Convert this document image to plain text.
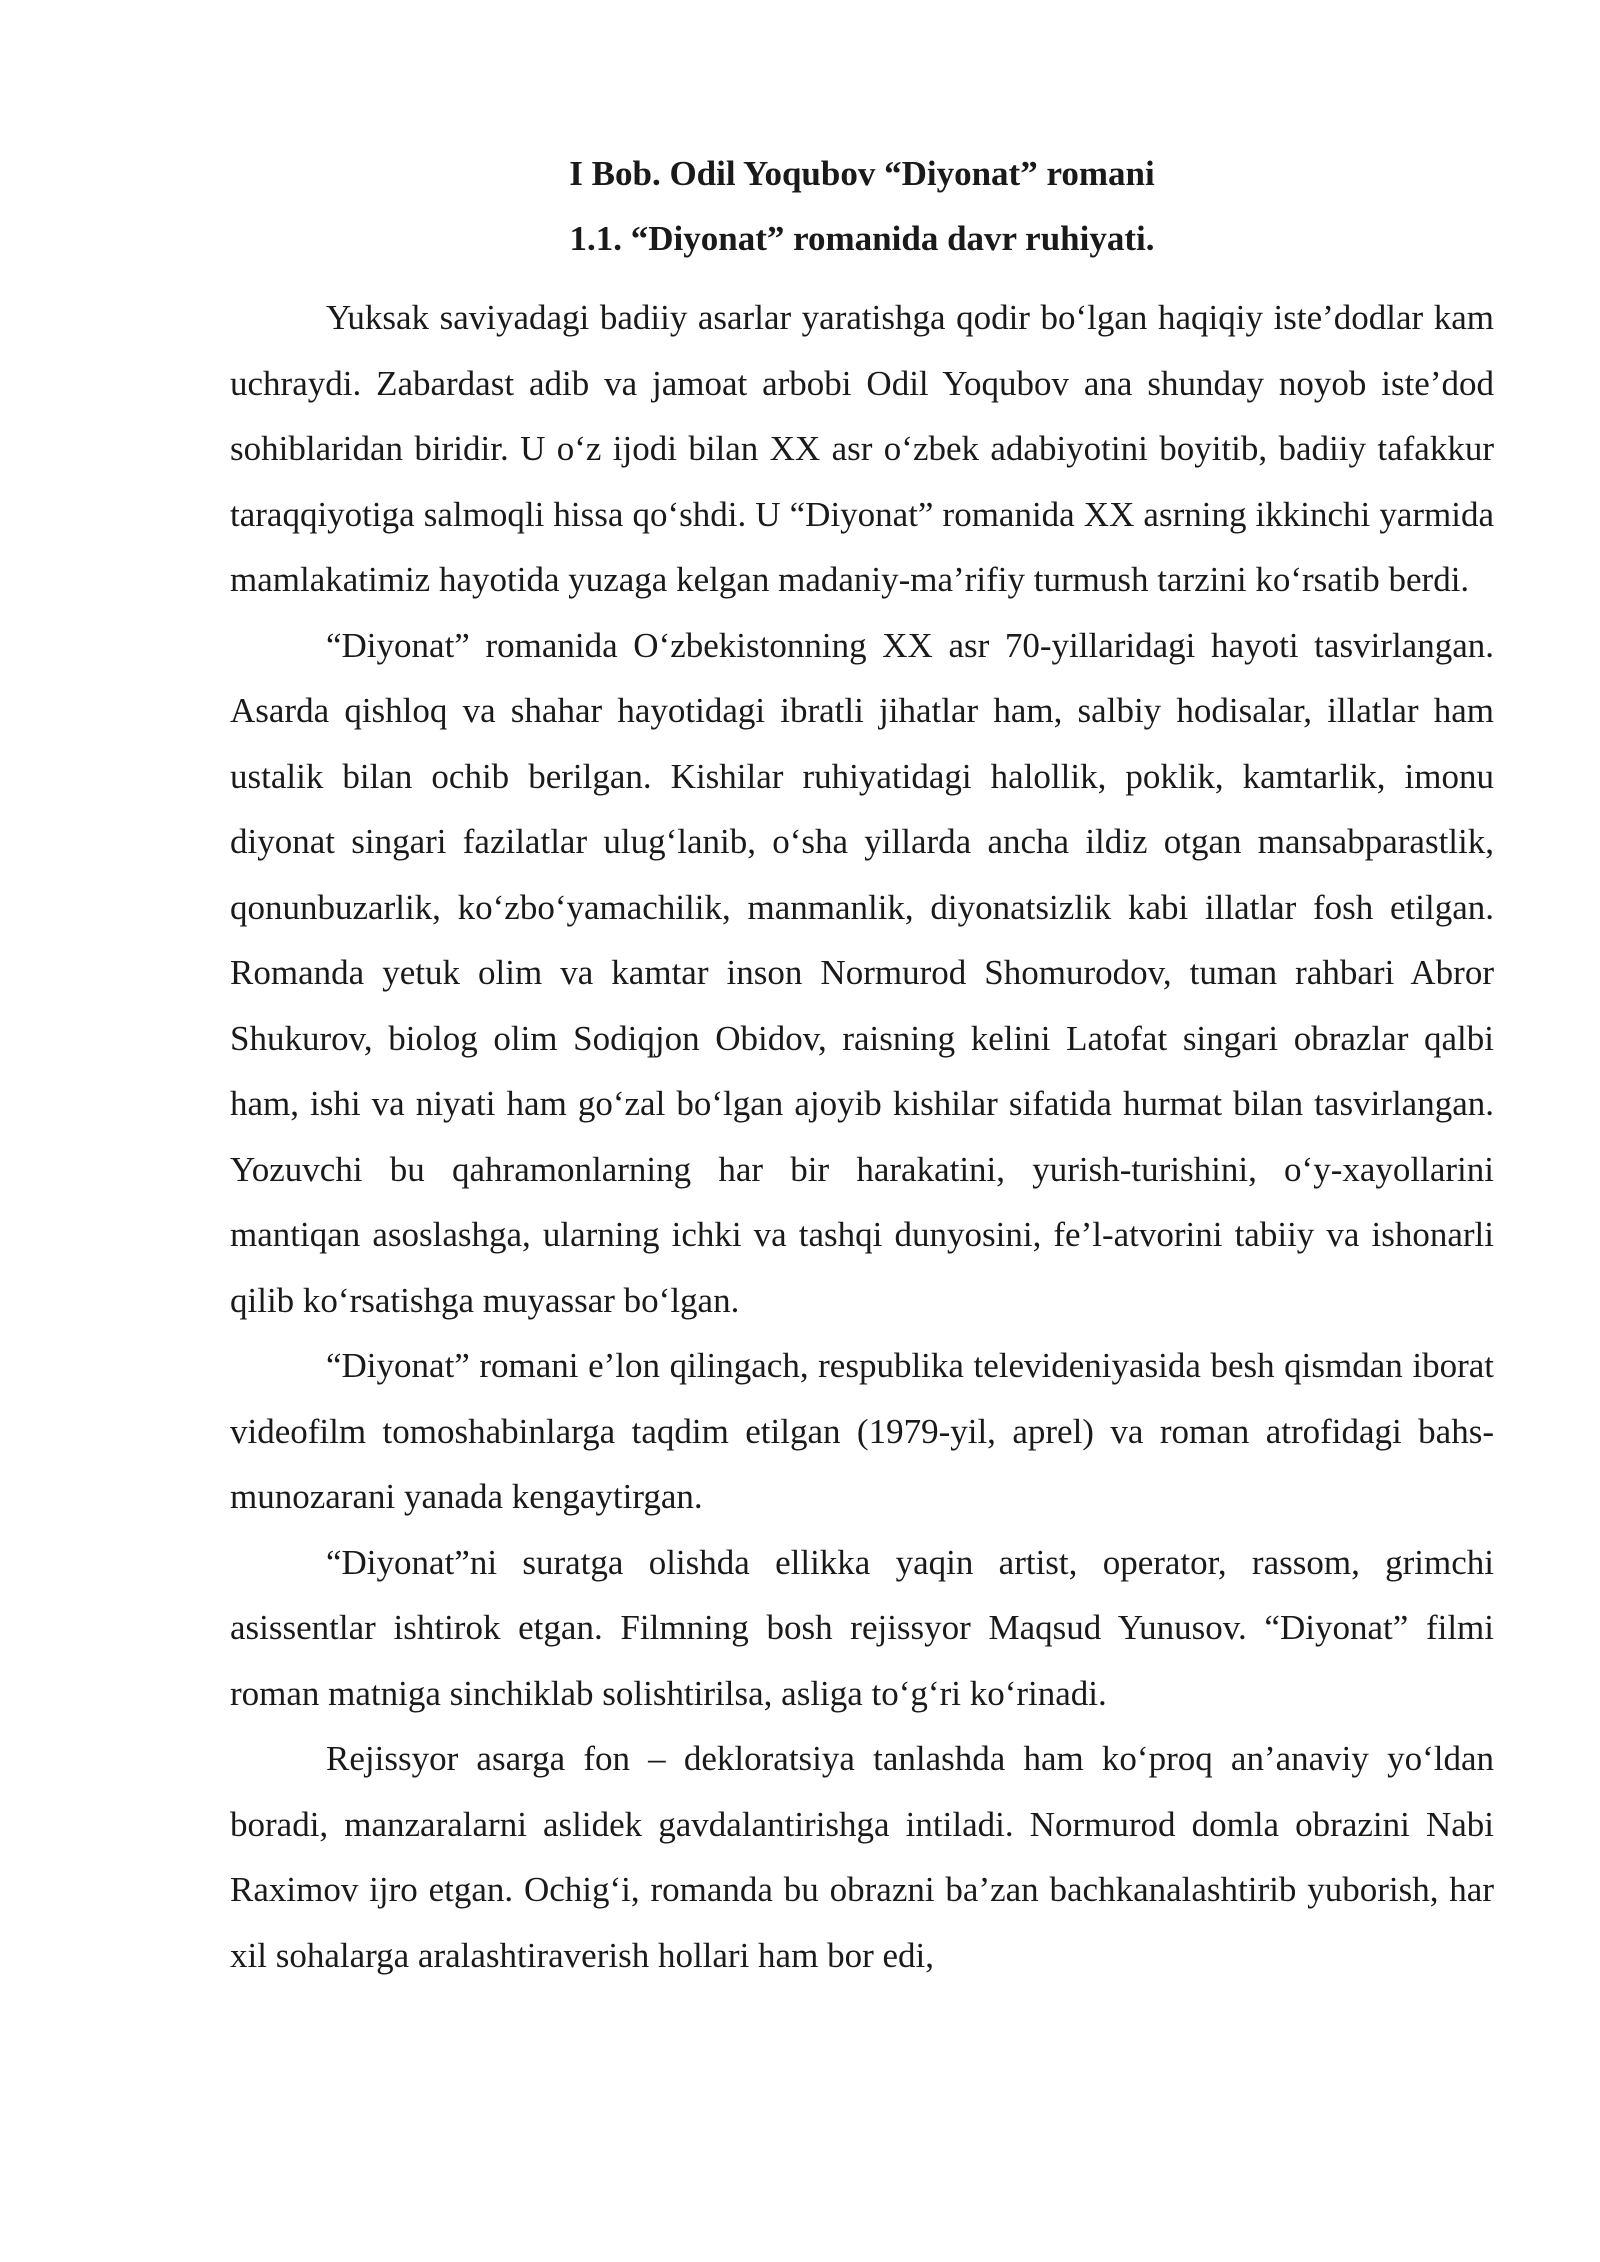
I Bob. Odil Yoqubov “Diyonat” romani
1.1. “Diyonat” romanida davr ruhiyati.

Yuksak saviyadagi badiiy asarlar yaratishga qodir bo‘lgan haqiqiy iste’dodlar kam uchraydi. Zabardast adib va jamoat arbobi Odil Yoqubov ana shunday noyob iste’dod sohiblaridan biridir. U o‘z ijodi bilan XX asr o‘zbek adabiyotini boyitib, badiiy tafakkur taraqqiyotiga salmoqli hissa qo‘shdi. U “Diyonat” romanida XX asrning ikkinchi yarmida mamlakatimiz hayotida yuzaga kelgan madaniy-ma’rifiy turmush tarzini ko‘rsatib berdi.

“Diyonat” romanida O‘zbekistonning XX asr 70-yillaridagi hayoti tasvirlangan. Asarda qishloq va shahar hayotidagi ibratli jihatlar ham, salbiy hodisalar, illatlar ham ustalik bilan ochib berilgan. Kishilar ruhiyatidagi halollik, poklik, kamtarlik, imonu diyonat singari fazilatlar ulug‘lanib, o‘sha yillarda ancha ildiz otgan mansabparastlik, qonunbuzarlik, ko‘zbo‘yamachilik, manmanlik, diyonatsizlik kabi illatlar fosh etilgan. Romanda yetuk olim va kamtar inson Normurod Shomurodov, tuman rahbari Abror Shukurov, biolog olim Sodiqjon Obidov, raisning kelini Latofat singari obrazlar qalbi ham, ishi va niyati ham go‘zal bo‘lgan ajoyib kishilar sifatida hurmat bilan tasvirlangan. Yozuvchi bu qahramonlarning har bir harakatini, yurish-turishini, o‘y-xayollarini mantiqan asoslashga, ularning ichki va tashqi dunyosini, fe’l-atvorini tabiiy va ishonarli qilib ko‘rsatishga muyassar bo‘lgan.

“Diyonat” romani e’lon qilingach, respublika televideniyasida besh qismdan iborat videofilm tomoshabinlarga taqdim etilgan (1979-yil, aprel) va roman atrofidagi bahs-munozarani yanada kengaytirgan.

“Diyonat”ni suratga olishda ellikka yaqin artist, operator, rassom, grimchi asissentlar ishtirok etgan. Filmning bosh rejissyor Maqsud Yunusov. “Diyonat” filmi roman matniga sinchiklab solishtirilsa, asliga to‘g‘ri ko‘rinadi.

Rejissyor asarga fon – dekloratsiya tanlashda ham ko‘proq an’anaviy yo‘ldan boradi, manzaralarni aslidek gavdalantirishga intiladi. Normurod domla obrazini Nabi Raximov ijro etgan. Ochig‘i, romanda bu obrazni ba’zan bachkanalashtirib yuborish, har xil sohalarga aralashtiraverish hollari ham bor edi,
